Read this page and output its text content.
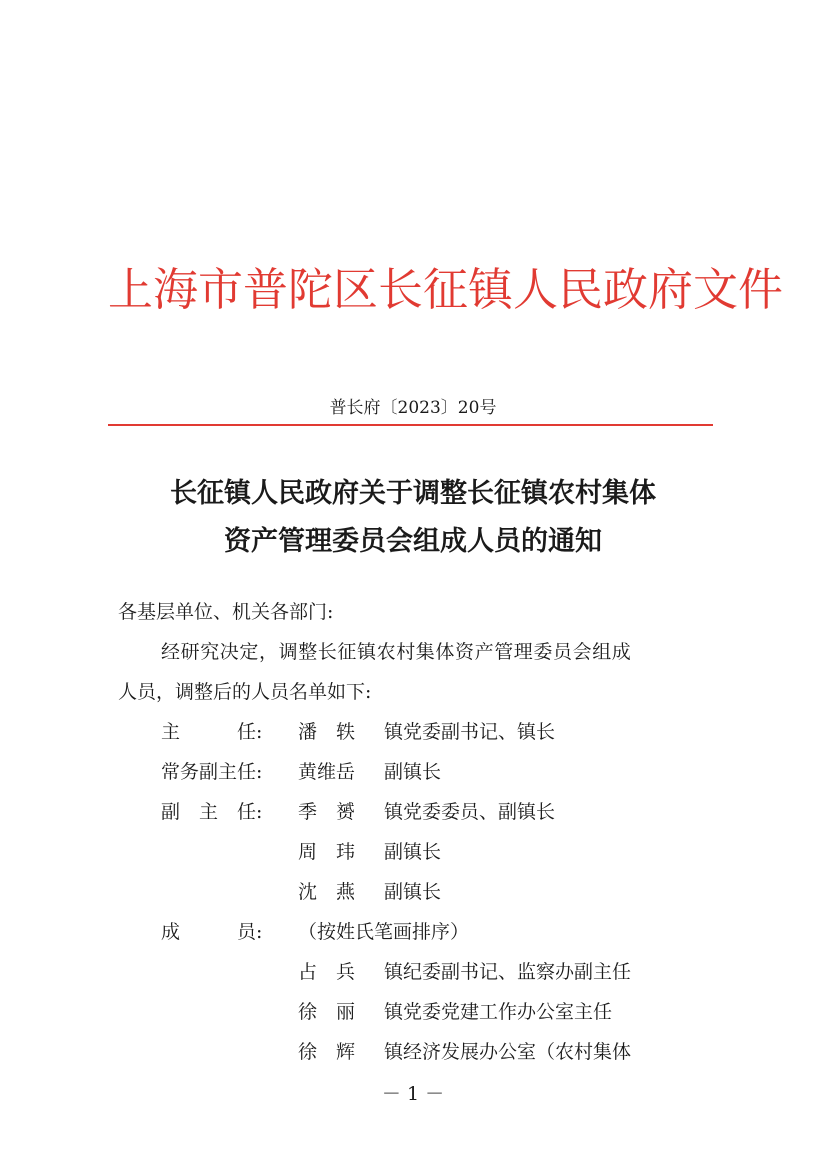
上海市普陀区长征镇人民政府文件
普长府〔2023〕20号
长征镇人民政府关于调整长征镇农村集体
资产管理委员会组成人员的通知
各基层单位、机关各部门:
经研究决定，调整长征镇农村集体资产管理委员会组成
人员，调整后的人员名单如下:
主　　　任: 潘　轶 镇党委副书记、镇长
常务副主任: 黄维岳 副镇长
副　主　任: 季　赟 镇党委委员、副镇长
周　玮 副镇长
沈　燕 副镇长
成　　　员: （按姓氏笔画排序）
占　兵 镇纪委副书记、监察办副主任
徐　丽 镇党委党建工作办公室主任
徐　辉 镇经济发展办公室（农村集体
－ 1 －
